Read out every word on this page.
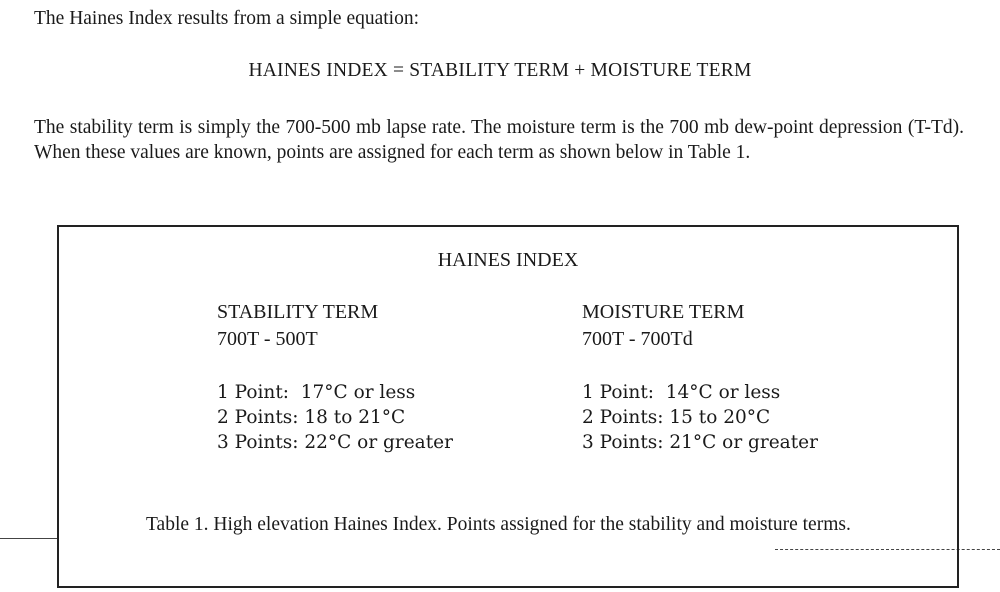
The Haines Index results from a simple equation:
HAINES INDEX = STABILITY TERM + MOISTURE TERM
The stability term is simply the 700-500 mb lapse rate. The moisture term is the 700 mb dew-point depression (T-Td). When these values are known, points are assigned for each term as shown below in Table 1.
HAINES INDEX
STABILITY TERM
700T - 500T
1 Point:  17°C or less
2 Points: 18 to 21°C
3 Points: 22°C or greater
MOISTURE TERM
700T - 700Td
1 Point:  14°C or less
2 Points: 15 to 20°C
3 Points: 21°C or greater
Table 1. High elevation Haines Index. Points assigned for the stability and moisture terms.
